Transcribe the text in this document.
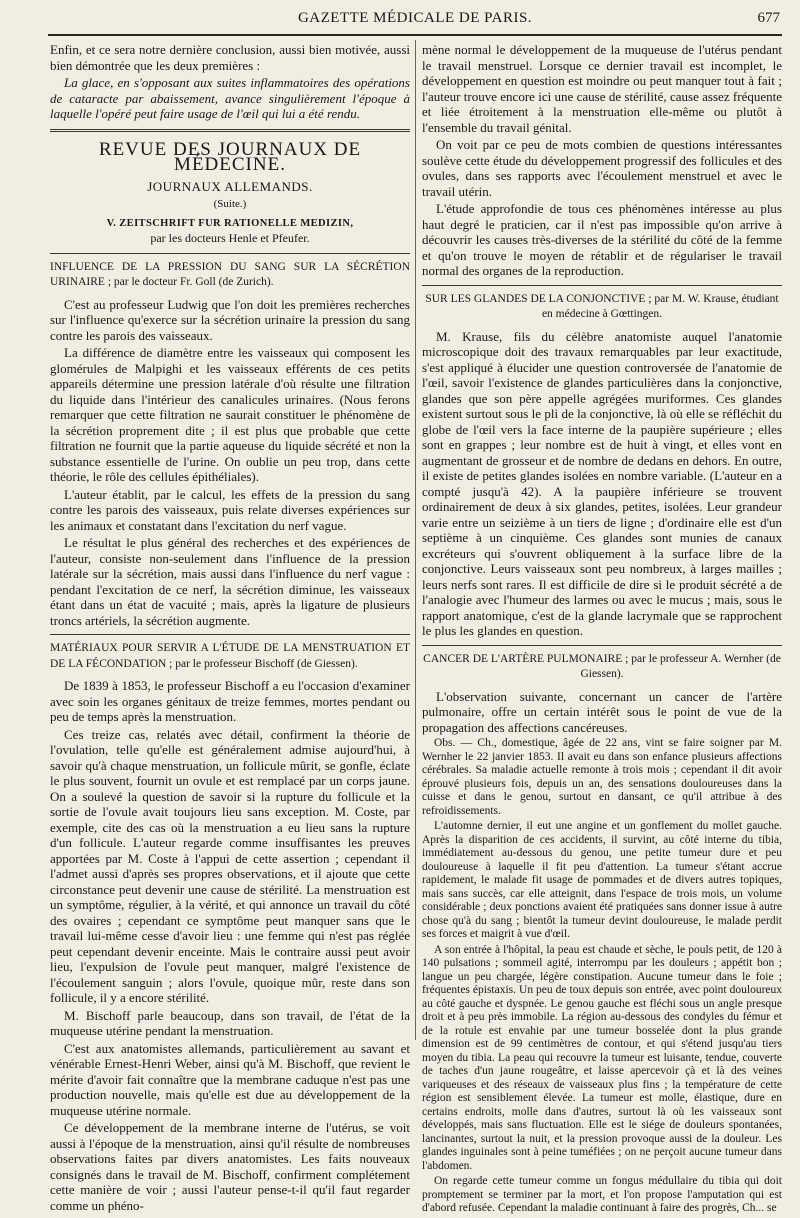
GAZETTE MÉDICALE DE PARIS.	677

Enfin, et ce sera notre dernière conclusion, aussi bien motivée, aussi bien démontrée que les deux premières :

La glace, en s'opposant aux suites inflammatoires des opérations de cataracte par abaissement, avance singulièrement l'époque à laquelle l'opéré peut faire usage de l'œil qui lui a été rendu.

REVUE DES JOURNAUX DE MÉDECINE.
JOURNAUX ALLEMANDS.
(Suite.)
V. ZEITSCHRIFT FUR RATIONELLE MEDIZIN,
par les docteurs Henle et Pfeufer.

INFLUENCE DE LA PRESSION DU SANG SUR LA SÉCRÉTION URINAIRE ; par le docteur Fr. Goll (de Zurich).

C'est au professeur Ludwig que l'on doit les premières recherches sur l'influence qu'exerce sur la sécrétion urinaire la pression du sang contre les parois des vaisseaux.

La différence de diamètre entre les vaisseaux qui composent les glomérules de Malpighi et les vaisseaux efférents de ces petits appareils détermine une pression latérale d'où résulte une filtration du liquide dans l'intérieur des canalicules urinaires. (Nous ferons remarquer que cette filtration ne saurait constituer le phénomène de la sécrétion proprement dite ; il est plus que probable que cette filtration ne fournit que la partie aqueuse du liquide sécrété et non la substance essentielle de l'urine. On oublie un peu trop, dans cette théorie, le rôle des cellules épithéliales).

L'auteur établit, par le calcul, les effets de la pression du sang contre les parois des vaisseaux, puis relate diverses expériences sur les animaux et constatant dans l'excitation du nerf vague.

Le résultat le plus général des recherches et des expériences de l'auteur, consiste non-seulement dans l'influence de la pression latérale sur la sécrétion, mais aussi dans l'influence du nerf vague : pendant l'excitation de ce nerf, la sécrétion diminue, les vaisseaux étant dans un état de vacuité ; mais, après la ligature de plusieurs troncs artériels, la sécrétion augmente.

MATÉRIAUX POUR SERVIR A L'ÉTUDE DE LA MENSTRUATION ET DE LA FÉCONDATION ; par le professeur Bischoff (de Giessen).

De 1839 à 1853, le professeur Bischoff a eu l'occasion d'examiner avec soin les organes génitaux de treize femmes, mortes pendant ou peu de temps après la menstruation.

Ces treize cas, relatés avec détail, confirment la théorie de l'ovulation, telle qu'elle est généralement admise aujourd'hui, à savoir qu'à chaque menstruation, un follicule mûrit, se gonfle, éclate le plus souvent, fournit un ovule et est remplacé par un corps jaune. On a soulevé la question de savoir si la rupture du follicule et la sortie de l'ovule avait toujours lieu sans exception. M. Coste, par exemple, cite des cas où la menstruation a eu lieu sans la rupture d'un follicule. L'auteur regarde comme insuffisantes les preuves apportées par M. Coste à l'appui de cette assertion ; cependant il l'admet aussi d'après ses propres observations, et il ajoute que cette circonstance peut devenir une cause de stérilité. La menstruation est un symptôme, régulier, à la vérité, et qui annonce un travail du côté des ovaires ; cependant ce symptôme peut manquer sans que le travail lui-même cesse d'avoir lieu : une femme qui n'est pas réglée peut cependant devenir enceinte. Mais le contraire aussi peut avoir lieu, l'expulsion de l'ovule peut manquer, malgré l'existence de l'écoulement sanguin ; alors l'ovule, quoique mûr, reste dans son follicule, il y a encore stérilité.

M. Bischoff parle beaucoup, dans son travail, de l'état de la muqueuse utérine pendant la menstruation.

C'est aux anatomistes allemands, particulièrement au savant et vénérable Ernest-Henri Weber, ainsi qu'à M. Bischoff, que revient le mérite d'avoir fait connaître que la membrane caduque n'est pas une production nouvelle, mais qu'elle est due au développement de la muqueuse utérine normale.

Ce développement de la membrane interne de l'utérus, se voit aussi à l'époque de la menstruation, ainsi qu'il résulte de nombreuses observations faites par divers anatomistes. Les faits nouveaux consignés dans le travail de M. Bischoff, confirment complétement cette manière de voir ; aussi l'auteur pense-t-il qu'il faut regarder comme un phéno-

mène normal le développement de la muqueuse de l'utérus pendant le travail menstruel. Lorsque ce dernier travail est incomplet, le développement en question est moindre ou peut manquer tout à fait ; l'auteur trouve encore ici une cause de stérilité, cause assez fréquente et liée étroitement à la menstruation elle-même ou plutôt à l'ensemble du travail génital.

On voit par ce peu de mots combien de questions intéressantes soulève cette étude du développement progressif des follicules et des ovules, dans ses rapports avec l'écoulement menstruel et avec le travail utérin.

L'étude approfondie de tous ces phénomènes intéresse au plus haut degré le praticien, car il n'est pas impossible qu'on arrive à découvrir les causes très-diverses de la stérilité du côté de la femme et qu'on trouve le moyen de rétablir et de régulariser le travail normal des organes de la reproduction.

SUR LES GLANDES DE LA CONJONCTIVE ; par M. W. Krause, étudiant en médecine à Gœttingen.

M. Krause, fils du célèbre anatomiste auquel l'anatomie microscopique doit des travaux remarquables par leur exactitude, s'est appliqué à élucider une question controversée de l'anatomie de l'œil, savoir l'existence de glandes particulières dans la conjonctive, glandes que son père appelle agrégées muriformes. Ces glandes existent surtout sous le pli de la conjonctive, là où elle se réfléchit du globe de l'œil vers la face interne de la paupière supérieure ; elles sont en grappes ; leur nombre est de huit à vingt, et elles vont en augmentant de grosseur et de nombre de dedans en dehors. En outre, il existe de petites glandes isolées en nombre variable. (L'auteur en a compté jusqu'à 42). A la paupière inférieure se trouvent ordinairement de deux à six glandes, petites, isolées. Leur grandeur varie entre un seizième à un tiers de ligne ; d'ordinaire elle est d'un septième à un cinquième. Ces glandes sont munies de canaux excréteurs qui s'ouvrent obliquement à la surface libre de la conjonctive. Leurs vaisseaux sont peu nombreux, à larges mailles ; leurs nerfs sont rares. Il est difficile de dire si le produit sécrété a de l'analogie avec l'humeur des larmes ou avec le mucus ; mais, sous le rapport anatomique, c'est de la glande lacrymale que se rapprochent le plus les glandes en question.

CANCER DE L'ARTÈRE PULMONAIRE ; par le professeur A. Wernher (de Giessen).

L'observation suivante, concernant un cancer de l'artère pulmonaire, offre un certain intérêt sous le point de vue de la propagation des affections cancéreuses.

Obs. — Ch., domestique, âgée de 22 ans, vint se faire soigner par M. Wernher le 22 janvier 1853. Il avait eu dans son enfance plusieurs affections cérébrales. Sa maladie actuelle remonte à trois mois ; cependant il dit avoir éprouvé plusieurs fois, depuis un an, des sensations douloureuses dans la cuisse et dans le genou, surtout en dansant, ce qu'il attribue à des refroidissements.

L'automne dernier, il eut une angine et un gonflement du mollet gauche. Après la disparition de ces accidents, il survint, au côté interne du tibia, immédiatement au-dessous du genou, une petite tumeur dure et peu douloureuse à laquelle il fit peu d'attention. La tumeur s'étant accrue rapidement, le malade fit usage de pommades et de divers autres topiques, mais sans succès, car elle atteignit, dans l'espace de trois mois, un volume considérable ; deux ponctions avaient été pratiquées sans donner issue à autre chose qu'à du sang ; bientôt la tumeur devint douloureuse, le malade perdit ses forces et maigrit à vue d'œil.

A son entrée à l'hôpital, la peau est chaude et sèche, le pouls petit, de 120 à 140 pulsations ; sommeil agité, interrompu par les douleurs ; appétit bon ; langue un peu chargée, légère constipation. Aucune tumeur dans le foie ; fréquentes épistaxis. Un peu de toux depuis son entrée, avec point douloureux au côté gauche et dyspnée. Le genou gauche est fléchi sous un angle presque droit et à peu près immobile. La région au-dessous des condyles du fémur et de la rotule est envahie par une tumeur bosselée dont la plus grande dimension est de 99 centimètres de contour, et qui s'étend jusqu'au tiers moyen du tibia. La peau qui recouvre la tumeur est luisante, tendue, couverte de taches d'un jaune rougeâtre, et laisse apercevoir çà et là des veines variqueuses et des réseaux de vaisseaux plus fins ; la température de cette région est sensiblement élevée. La tumeur est molle, élastique, dure en certains endroits, molle dans d'autres, surtout là où les vaisseaux sont développés, mais sans fluctuation. Elle est le siége de douleurs spontanées, lancinantes, surtout la nuit, et la pression provoque aussi de la douleur. Les glandes inguinales sont à peine tuméfiées ; on ne perçoit aucune tumeur dans l'abdomen.

On regarde cette tumeur comme un fongus médullaire du tibia qui doit promptement se terminer par la mort, et l'on propose l'amputation qui est d'abord refusée. Cependant la maladie continuant à faire des progrès, Ch... se
